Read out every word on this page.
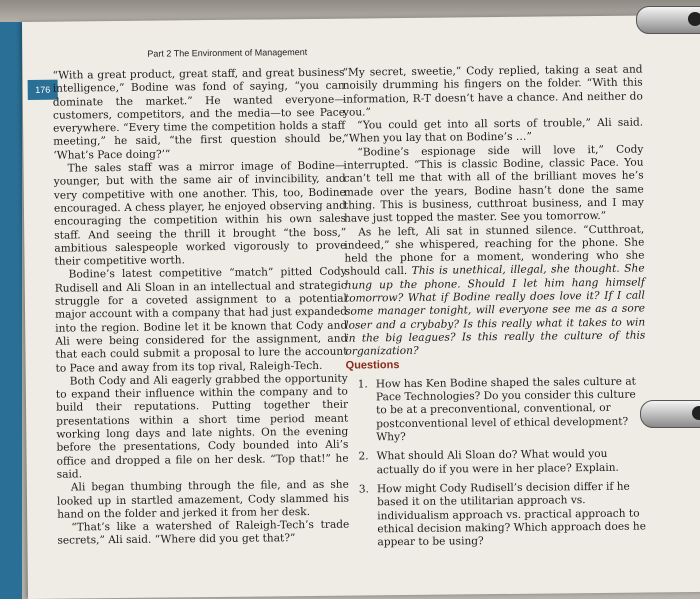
176
Part 2 The Environment of Management

“With a great product, great staff, and great business intelligence,” Bodine was fond of saying, “you can dominate the market.” He wanted everyone—customers, competitors, and the media—to see Pace everywhere. “Every time the competition holds a staff meeting,” he said, “the first question should be, ‘What’s Pace doing?’”

The sales staff was a mirror image of Bodine—younger, but with the same air of invincibility, and very competitive with one another. This, too, Bodine encouraged. A chess player, he enjoyed observing and encouraging the competition within his own sales staff. And seeing the thrill it brought “the boss,” ambitious salespeople worked vigorously to prove their competitive worth.

Bodine’s latest competitive “match” pitted Cody Rudisell and Ali Sloan in an intellectual and strategic struggle for a coveted assignment to a potential major account with a company that had just expanded into the region. Bodine let it be known that Cody and Ali were being considered for the assignment, and that each could submit a proposal to lure the account to Pace and away from its top rival, Raleigh-Tech.

Both Cody and Ali eagerly grabbed the opportunity to expand their influence within the company and to build their reputations. Putting together their presentations within a short time period meant working long days and late nights. On the evening before the presentations, Cody bounded into Ali’s office and dropped a file on her desk. “Top that!” he said.

Ali began thumbing through the file, and as she looked up in startled amazement, Cody slammed his hand on the folder and jerked it from her desk.

“That’s like a watershed of Raleigh-Tech’s trade secrets,” Ali said. “Where did you get that?”

“My secret, sweetie,” Cody replied, taking a seat and noisily drumming his fingers on the folder. “With this information, R-T doesn’t have a chance. And neither do you.”

“You could get into all sorts of trouble,” Ali said. “When you lay that on Bodine’s …”

“Bodine’s espionage side will love it,” Cody interrupted. “This is classic Bodine, classic Pace. You can’t tell me that with all of the brilliant moves he’s made over the years, Bodine hasn’t done the same thing. This is business, cutthroat business, and I may have just topped the master. See you tomorrow.”

As he left, Ali sat in stunned silence. “Cutthroat, indeed,” she whispered, reaching for the phone. She held the phone for a moment, wondering who she should call. This is unethical, illegal, she thought. She hung up the phone. Should I let him hang himself tomorrow? What if Bodine really does love it? If I call some manager tonight, will everyone see me as a sore loser and a crybaby? Is this really what it takes to win in the big leagues? Is this really the culture of this organization?

Questions

1. How has Ken Bodine shaped the sales culture at Pace Technologies? Do you consider this culture to be at a preconventional, conventional, or postconventional level of ethical development? Why?
2. What should Ali Sloan do? What would you actually do if you were in her place? Explain.
3. How might Cody Rudisell’s decision differ if he based it on the utilitarian approach vs. individualism approach vs. practical approach to ethical decision making? Which approach does he appear to be using?
